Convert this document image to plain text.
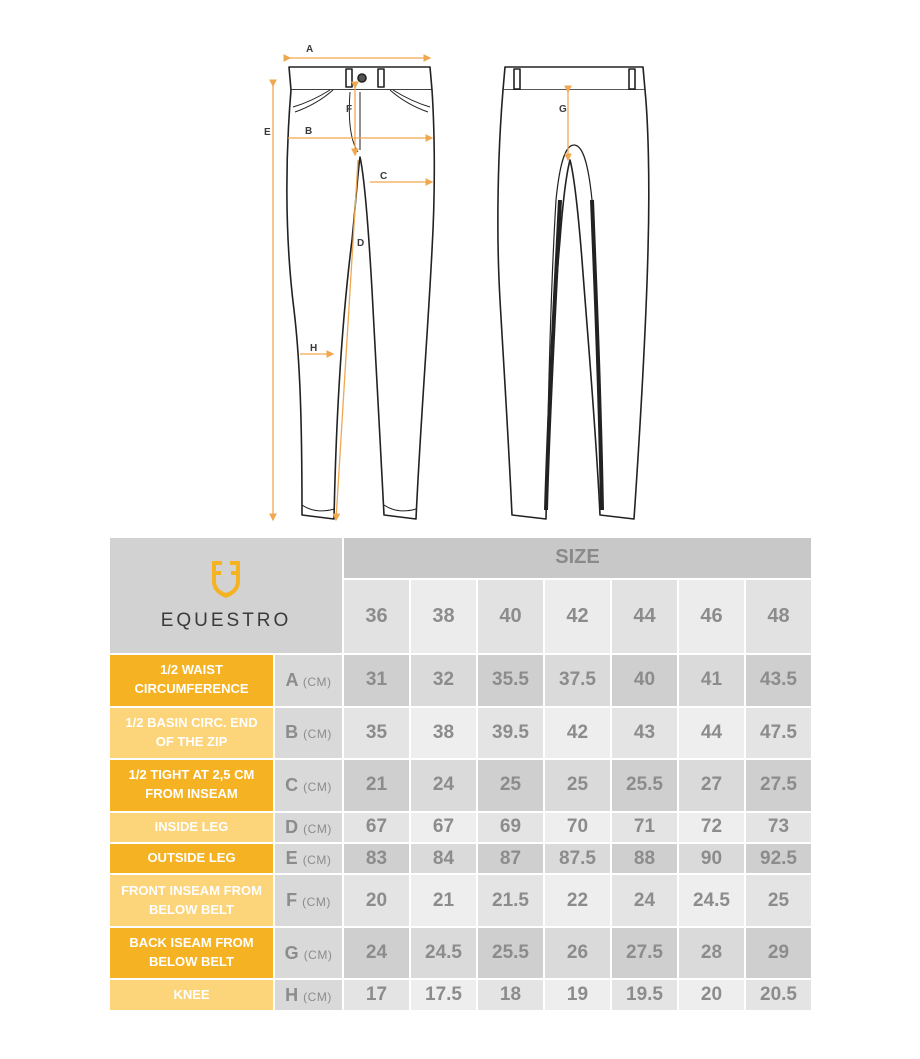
A
B
C
D
E
F	G
H
EQUESTRO		SIZE						
		36	38	40	42	44	46	48
1/2 WAIST CIRCUMFERENCE	A (CM)	31	32	35.5	37.5	40	41	43.5
1/2 BASIN CIRC. END OF THE ZIP	B (CM)	35	38	39.5	42	43	44	47.5
1/2 TIGHT AT 2,5 CM FROM INSEAM	C (CM)	21	24	25	25	25.5	27	27.5
INSIDE LEG	D (CM)	67	67	69	70	71	72	73
OUTSIDE LEG	E (CM)	83	84	87	87.5	88	90	92.5
FRONT INSEAM FROM BELOW BELT	F (CM)	20	21	21.5	22	24	24.5	25
BACK ISEAM FROM BELOW BELT	G (CM)	24	24.5	25.5	26	27.5	28	29
KNEE	H (CM)	17	17.5	18	19	19.5	20	20.5
